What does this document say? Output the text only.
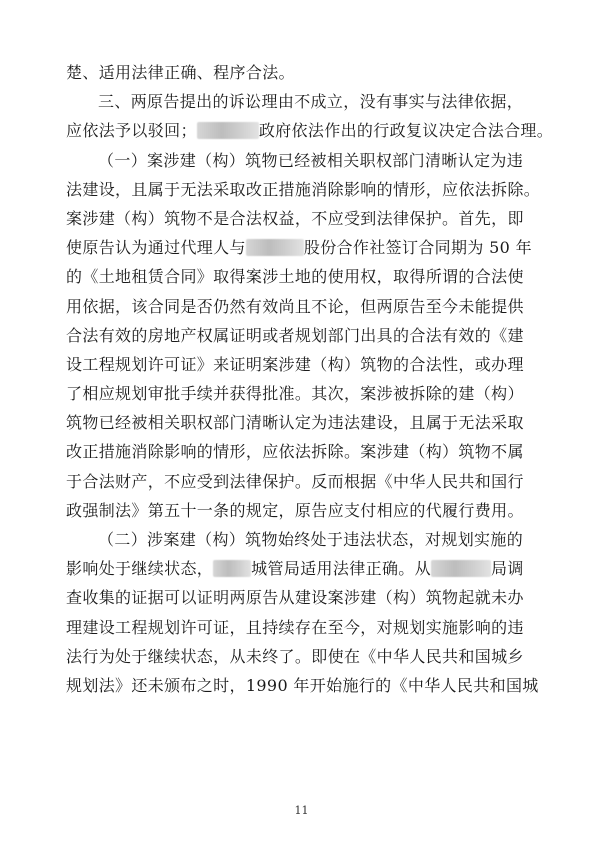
楚、适用法律正确、程序合法。
三、两原告提出的诉讼理由不成立，没有事实与法律依据，
应依法予以驳回；	政府依法作出的行政复议决定合法合理。
（一）案涉建（构）筑物已经被相关职权部门清晰认定为违
法建设，且属于无法采取改正措施消除影响的情形，应依法拆除。
案涉建（构）筑物不是合法权益，不应受到法律保护。首先，即
使原告认为通过代理人与	股份合作社签订合同期为 50 年
的《土地租赁合同》取得案涉土地的使用权，取得所谓的合法使
用依据，该合同是否仍然有效尚且不论，但两原告至今未能提供
合法有效的房地产权属证明或者规划部门出具的合法有效的《建
设工程规划许可证》来证明案涉建（构）筑物的合法性，或办理
了相应规划审批手续并获得批准。其次，案涉被拆除的建（构）
筑物已经被相关职权部门清晰认定为违法建设，且属于无法采取
改正措施消除影响的情形，应依法拆除。案涉建（构）筑物不属
于合法财产，不应受到法律保护。反而根据《中华人民共和国行
政强制法》第五十一条的规定，原告应支付相应的代履行费用。
（二）涉案建（构）筑物始终处于违法状态，对规划实施的
影响处于继续状态， 城管局适用法律正确。从	局调
查收集的证据可以证明两原告从建设案涉建（构）筑物起就未办
理建设工程规划许可证，且持续存在至今，对规划实施影响的违
法行为处于继续状态，从未终了。即使在《中华人民共和国城乡
规划法》还未颁布之时，1990 年开始施行的《中华人民共和国城
11
